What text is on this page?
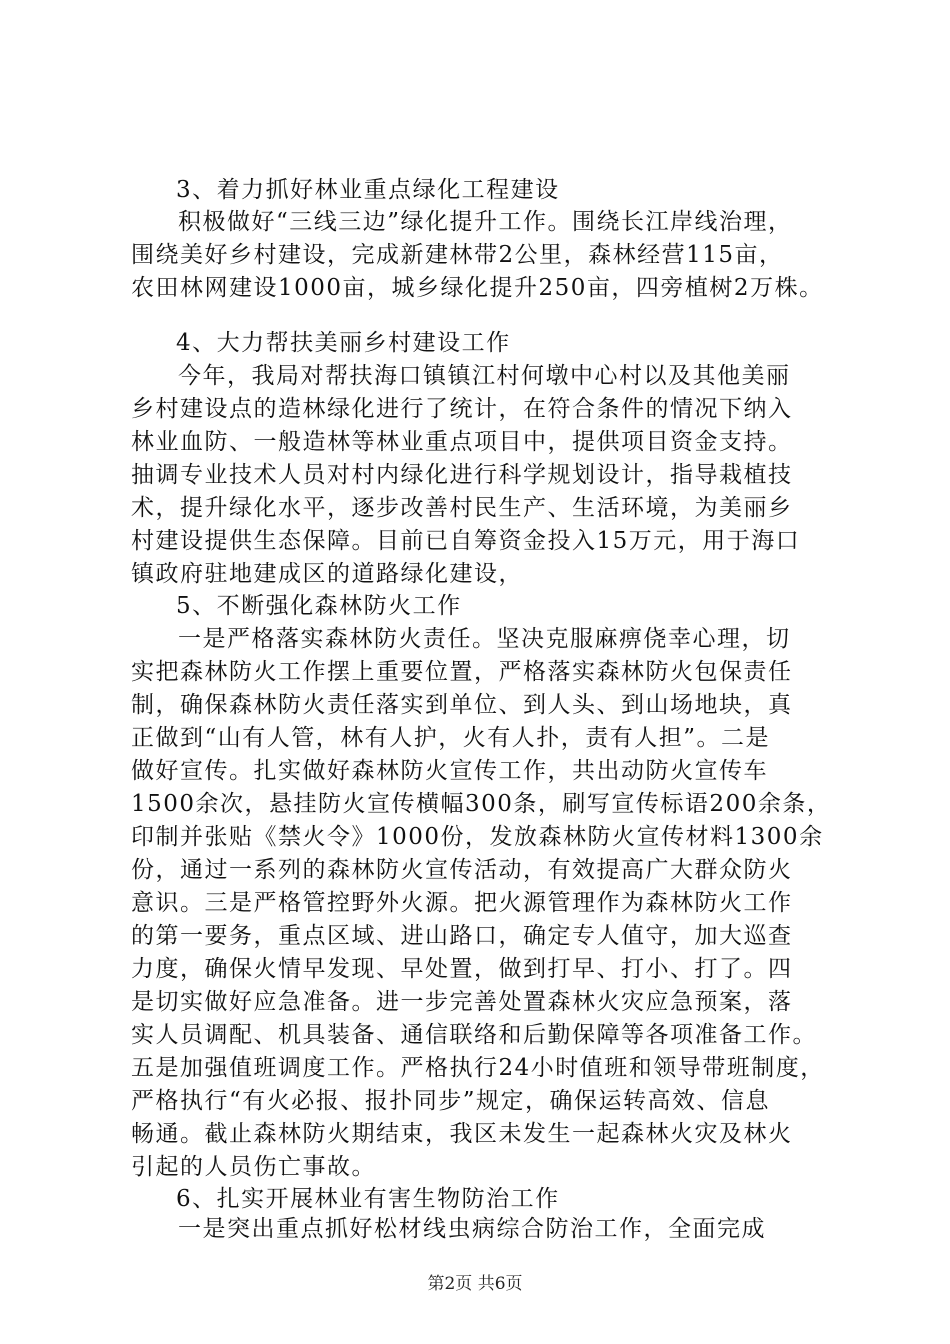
3、着力抓好林业重点绿化工程建设
积极做好“三线三边”绿化提升工作。围绕长江岸线治理，
围绕美好乡村建设，完成新建林带2公里，森林经营115亩，
农田林网建设1000亩，城乡绿化提升250亩，四旁植树2万株。
4、大力帮扶美丽乡村建设工作
今年，我局对帮扶海口镇镇江村何墩中心村以及其他美丽
乡村建设点的造林绿化进行了统计，在符合条件的情况下纳入
林业血防、一般造林等林业重点项目中，提供项目资金支持。
抽调专业技术人员对村内绿化进行科学规划设计，指导栽植技
术，提升绿化水平，逐步改善村民生产、生活环境，为美丽乡
村建设提供生态保障。目前已自筹资金投入15万元，用于海口
镇政府驻地建成区的道路绿化建设，
5、不断强化森林防火工作
一是严格落实森林防火责任。坚决克服麻痹侥幸心理，切
实把森林防火工作摆上重要位置，严格落实森林防火包保责任
制，确保森林防火责任落实到单位、到人头、到山场地块，真
正做到“山有人管，林有人护，火有人扑，责有人担”。二是
做好宣传。扎实做好森林防火宣传工作，共出动防火宣传车
1500余次，悬挂防火宣传横幅300条，刷写宣传标语200余条，
印制并张贴《禁火令》1000份，发放森林防火宣传材料1300余
份，通过一系列的森林防火宣传活动，有效提高广大群众防火
意识。三是严格管控野外火源。把火源管理作为森林防火工作
的第一要务，重点区域、进山路口，确定专人值守，加大巡查
力度，确保火情早发现、早处置，做到打早、打小、打了。四
是切实做好应急准备。进一步完善处置森林火灾应急预案，落
实人员调配、机具装备、通信联络和后勤保障等各项准备工作。
五是加强值班调度工作。严格执行24小时值班和领导带班制度，
严格执行“有火必报、报扑同步”规定，确保运转高效、信息
畅通。截止森林防火期结束，我区未发生一起森林火灾及林火
引起的人员伤亡事故。
6、扎实开展林业有害生物防治工作
一是突出重点抓好松材线虫病综合防治工作，全面完成
第2页 共6页
